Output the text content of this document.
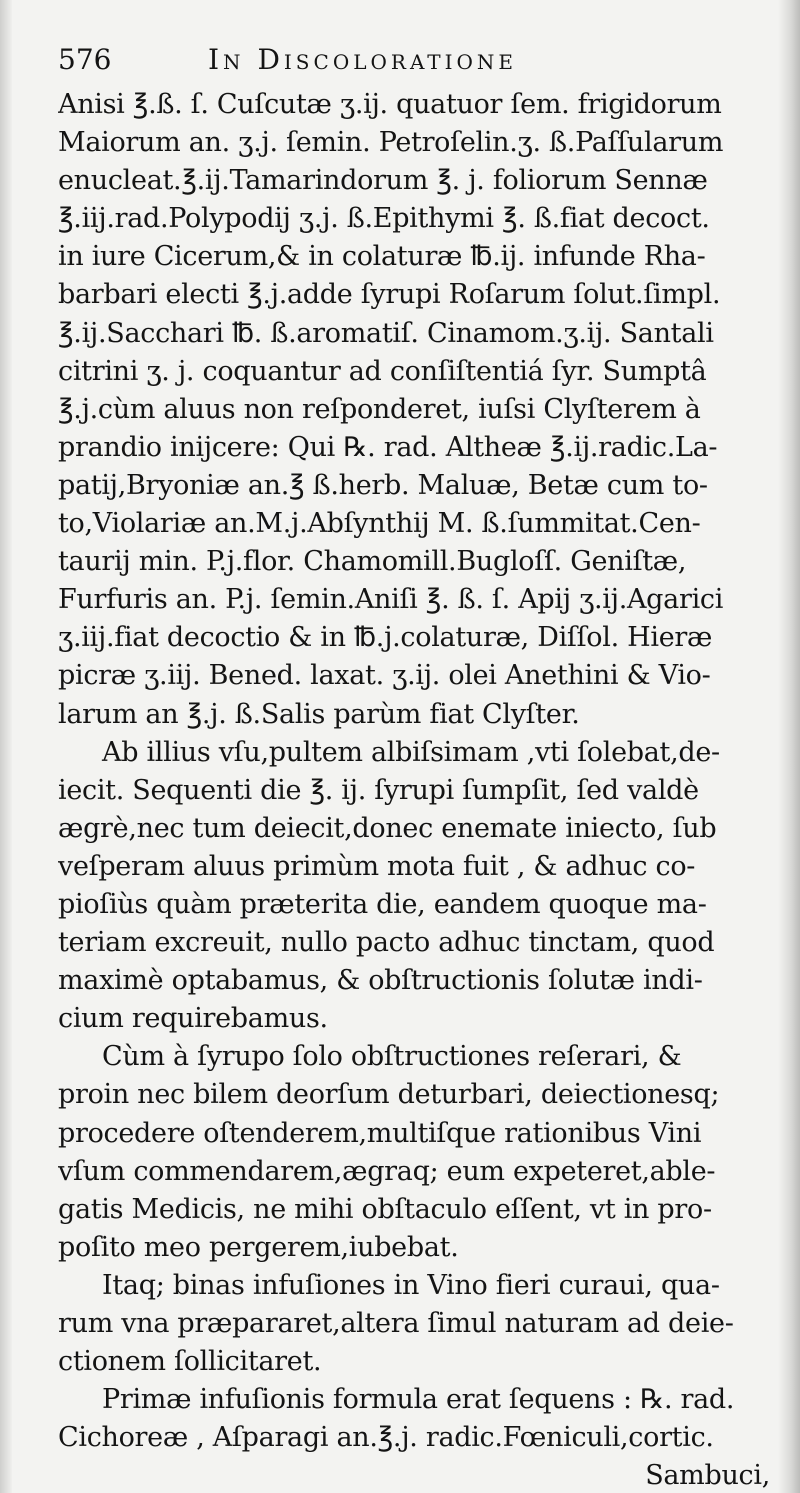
576	In Discoloratione
Anisi ℥.ß. ſ. Cuſcutæ ʒ.ij. quatuor ſem. frigidorum
Maiorum an. ʒ.j. ſemin. Petroſelin.ʒ. ß.Paſſularum
enucleat.℥.ij.Tamarindorum ℥. j. foliorum Sennæ
℥.iij.rad.Polypodij ʒ.j. ß.Epithymi ℥. ß.fiat decoct.
in iure Cicerum,& in colaturæ ℔.ij. infunde Rha-
barbari electi ℥.j.adde ſyrupi Roſarum ſolut.ſimpl.
℥.ij.Sacchari ℔. ß.aromatiſ. Cinamom.ʒ.ij. Santali
citrini ʒ. j. coquantur ad conſiſtentiá ſyr. Sumptâ
℥.j.cùm aluus non reſponderet, iuſsi Clyſterem à
prandio inijcere: Qui ℞. rad. Altheæ ℥.ij.radic.La-
patij,Bryoniæ an.℥ ß.herb. Maluæ, Betæ cum to-
to,Violariæ an.M.j.Abſynthij M. ß.ſummitat.Cen-
taurij min. P.j.flor. Chamomill.Bugloſſ. Geniſtæ,
Furfuris an. P.j. ſemin.Aniſi ℥. ß. ſ. Apij ʒ.ij.Agarici
ʒ.iij.fiat decoctio & in ℔.j.colaturæ, Diſſol. Hieræ
picræ ʒ.iij. Bened. laxat. ʒ.ij. olei Anethini & Vio-
larum an ℥.j. ß.Salis parùm fiat Clyſter.
Ab illius vſu,pultem albiſsimam ,vti ſolebat,de-
iecit. Sequenti die ℥. ij. ſyrupi ſumpſit, ſed valdè
ægrè,nec tum deiecit,donec enemate iniecto, ſub
veſperam aluus primùm mota fuit , & adhuc co-
pioſiùs quàm præterita die, eandem quoque ma-
teriam excreuit, nullo pacto adhuc tinctam, quod
maximè optabamus, & obſtructionis ſolutæ indi-
cium requirebamus.
Cùm à ſyrupo ſolo obſtructiones reſerari, &
proin nec bilem deorſum deturbari, deiectionesq;
procedere oſtenderem,multiſque rationibus Vini
vſum commendarem,ægraq; eum expeteret,able-
gatis Medicis, ne mihi obſtaculo eſſent, vt in pro-
poſito meo pergerem,iubebat.
Itaq; binas infuſiones in Vino fieri curaui, qua-
rum vna præpararet,altera ſimul naturam ad deie-
ctionem ſollicitaret.
Primæ infuſionis formula erat ſequens : ℞. rad.
Cichoreæ , Aſparagi an.℥.j. radic.Fœniculi,cortic.
Sambuci,
